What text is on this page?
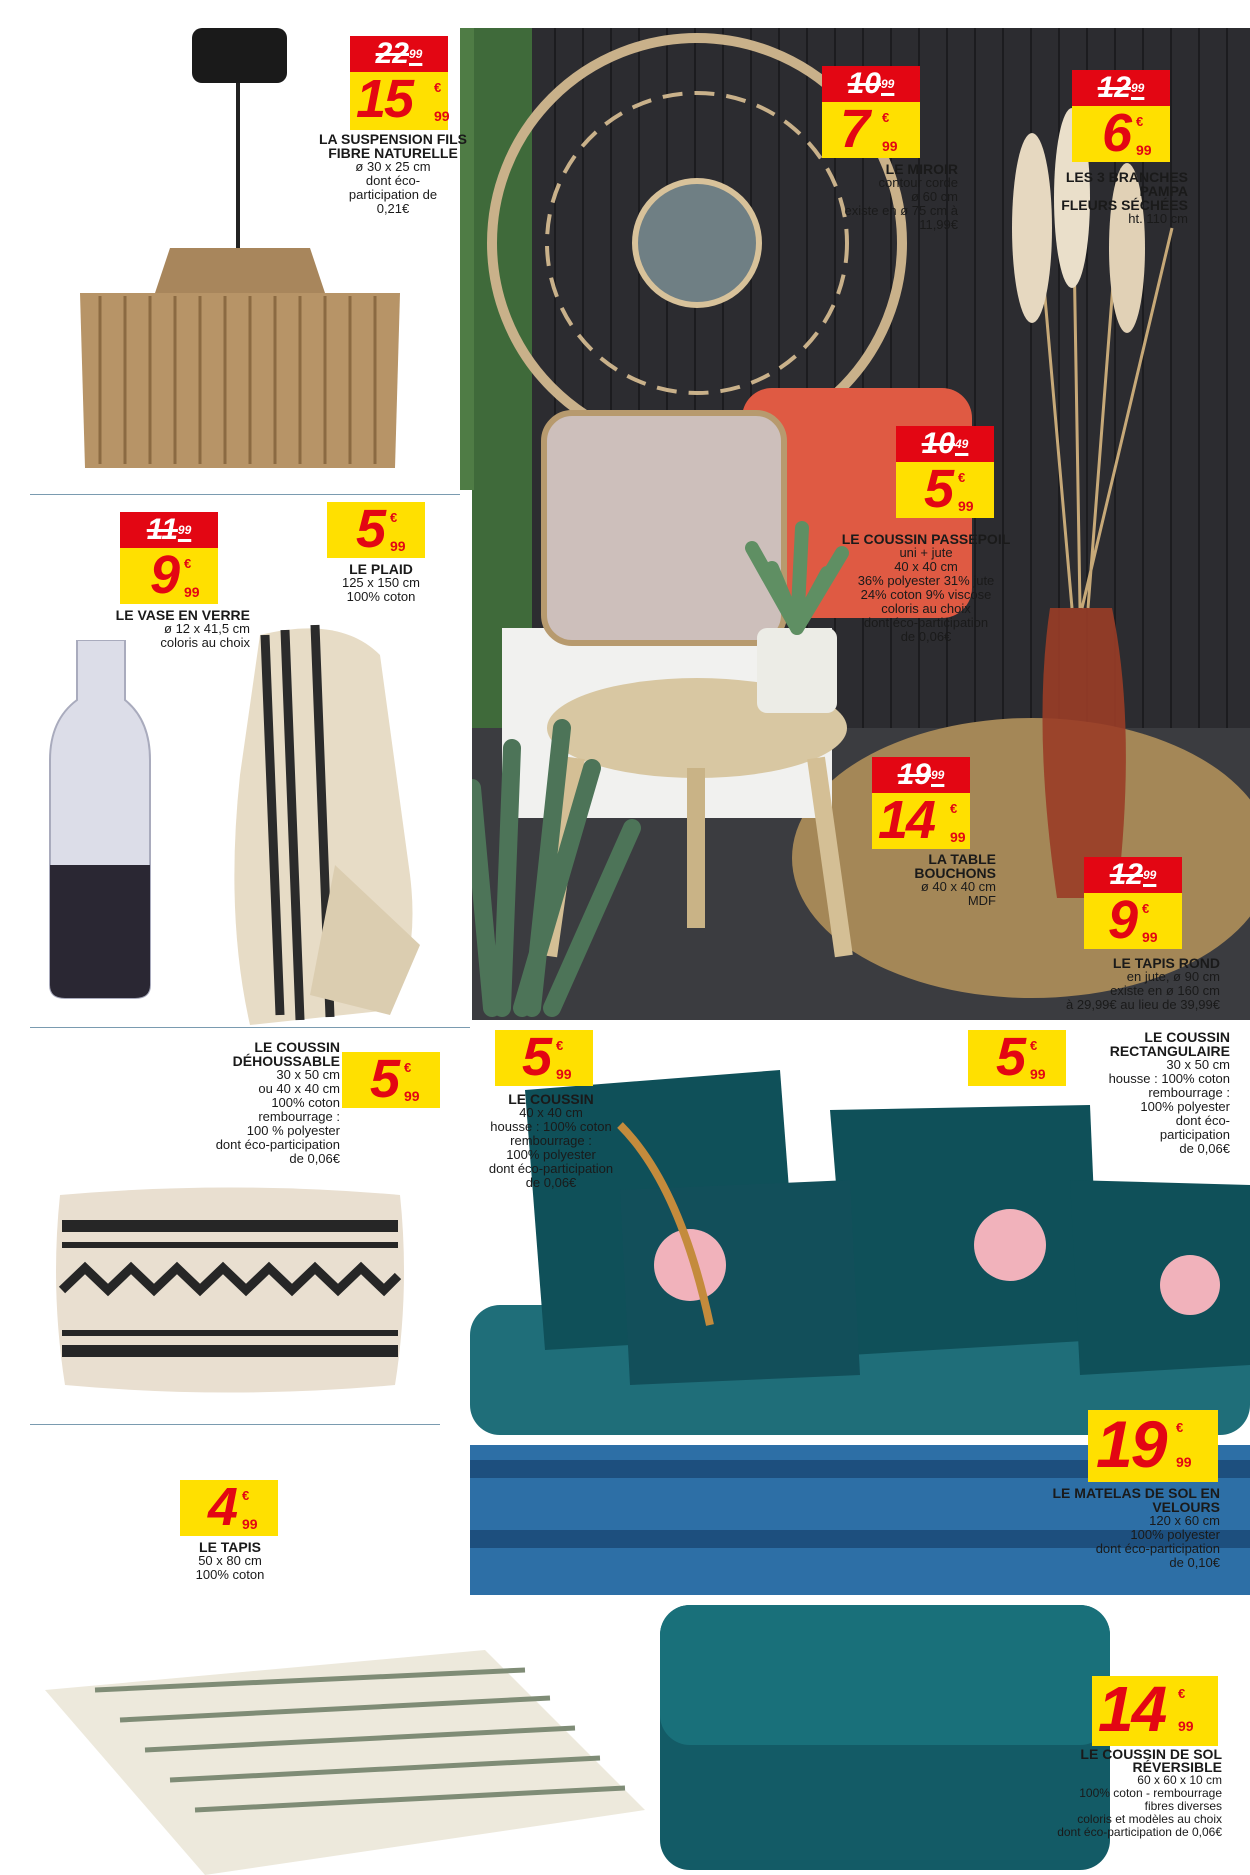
$22^{99}$
15 €
99
LA SUSPENSION FILS
FIBRE NATURELLE
ø 30 x 25 cm
dont éco-
participation de
0,21€
$10^{99}$
7 €
99
LE MIROIR
contour corde
ø 60 cm
existe en ø 75 cm à 11,99€
$12^{99}$
6 €
99
LES 3 BRANCHES
PAMPA
FLEURS SÉCHÉES
ht. 110 cm
$11^{99}$
9 €
99
LE VASE EN VERRE
ø 12 x 41,5 cm
coloris au choix
5 €
99
LE PLAID
125 x 150 cm
100% coton
$10^{49}$
5 €
99
LE COUSSIN PASSEPOIL
uni + jute
40 x 40 cm
36% polyester 31% jute
24% coton 9% viscose
coloris au choix
dont éco-participation
de 0,06€
$19^{99}$
14 €
99
LA TABLE BOUCHONS
ø 40 x 40 cm
MDF
$12^{99}$
9 €
99
LE TAPIS ROND
en jute, ø 90 cm
existe en ø 160 cm
à 29,99€ au lieu de 39,99€
5 €
99
LE COUSSIN
DÉHOUSSABLE
30 x 50 cm
ou 40 x 40 cm
100% coton
rembourrage :
100 % polyester
dont éco-participation
de 0,06€
5 €
99
LE COUSSIN
40 x 40 cm
housse : 100% coton
rembourrage :
100% polyester
dont éco-participation
de 0,06€
5 €
99
LE COUSSIN
RECTANGULAIRE
30 x 50 cm
housse : 100% coton
rembourrage :
100% polyester
dont éco-
participation
de 0,06€
19 €
99
LE MATELAS DE SOL EN
VELOURS
120 x 60 cm
100% polyester
dont éco-participation
de 0,10€
4 €
99
LE TAPIS
50 x 80 cm
100% coton
14 €
99
LE COUSSIN DE SOL
RÉVERSIBLE
60 x 60 x 10 cm
100% coton - rembourrage
fibres diverses
coloris et modèles au choix
dont éco-participation de 0,06€
